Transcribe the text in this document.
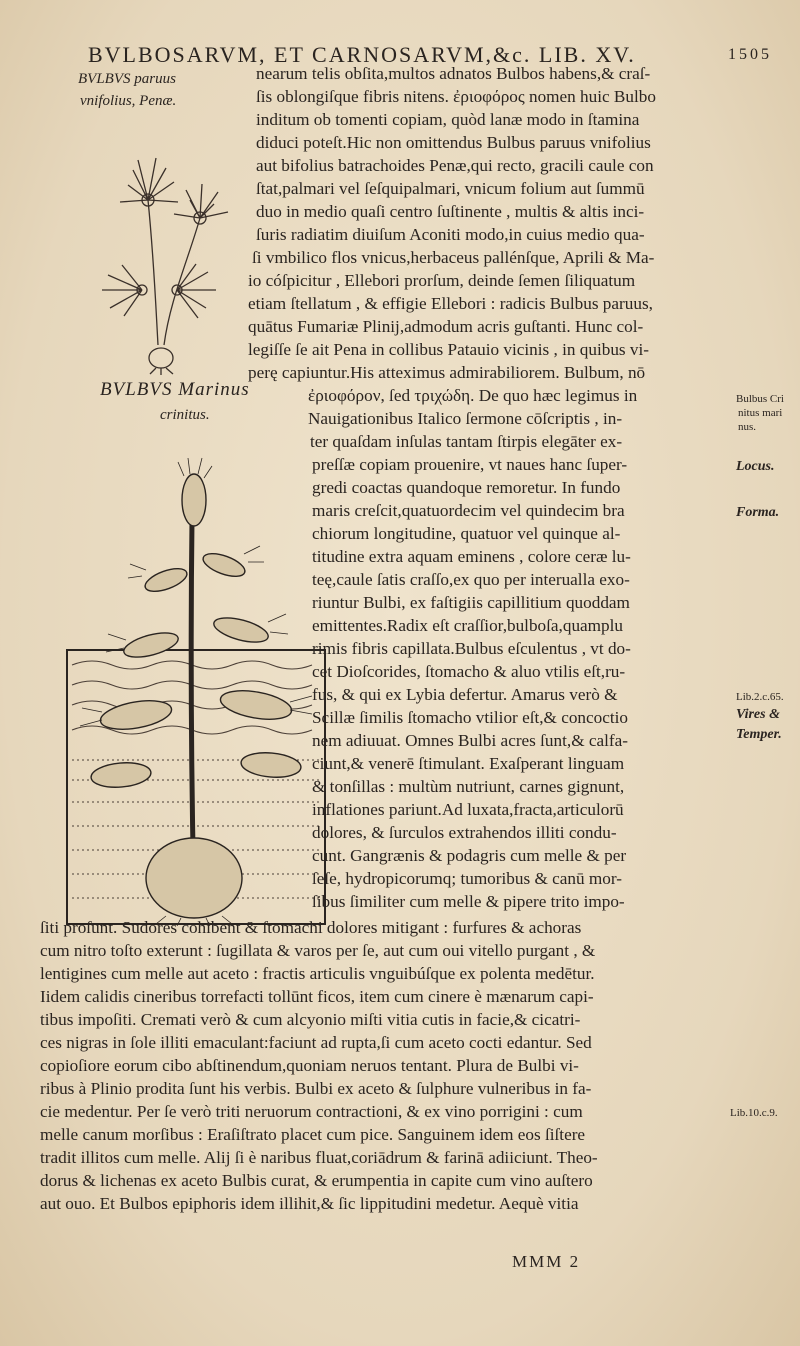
BVLBOSARVM, ET CARNOSARVM,&c. LIB. XV.	1505
BVLBVS paruus
vnifolius, Penæ.
BVLBVS Marinus
crinitus.
nearum telis obſita,multos adnatos Bulbos habens,& craſ-
ſis oblongiſque fibris nitens. ἐριοφόρος nomen huic Bulbo
inditum ob tomenti copiam, quòd lanæ modo in ſtamina
diduci poteſt.Hic non omittendus Bulbus paruus vnifolius
aut bifolius batrachoides Penæ,qui recto, gracili caule con
ſtat,palmari vel ſeſquipalmari, vnicum folium aut ſummū
duo in medio quaſi centro ſuſtinente , multis & altis inci-
ſuris radiatim diuiſum Aconiti modo,in cuius medio qua-
ſi vmbilico flos vnicus,herbaceus pallénſque, Aprili & Ma-
io cóſpicitur , Ellebori prorſum, deinde ſemen ſiliquatum
etiam ſtellatum , & effigie Ellebori : radicis Bulbus paruus,
quātus Fumariæ Plinij,admodum acris guſtanti. Hunc col-
legiſſe ſe ait Pena in collibus Patauio vicinis , in quibus vi-
perę capiuntur.His atteximus admirabiliorem. Bulbum, nō
ἐριοφόρον, ſed τριχώδη. De quo hæc legimus in
Nauigationibus Italico ſermone cōſcriptis , in-
ter quaſdam inſulas tantam ſtirpis elegāter ex-
preſſæ copiam prouenire, vt naues hanc ſuper-
gredi coactas quandoque remoretur. In fundo
maris creſcit,quatuordecim vel quindecim bra
chiorum longitudine, quatuor vel quinque al-
titudine extra aquam eminens , colore ceræ lu-
teę,caule ſatis craſſo,ex quo per interualla exo-
riuntur Bulbi, ex faſtigiis capillitium quoddam
emittentes.Radix eſt craſſior,bulboſa,quamplu
rimis fibris capillata.Bulbus eſculentus , vt do-
cet Dioſcorides, ſtomacho & aluo vtilis eſt,ru-
fus, & qui ex Lybia defertur. Amarus verò &
Scillæ ſimilis ſtomacho vtilior eſt,& concoctio
nem adiuuat. Omnes Bulbi acres ſunt,& calfa-
ciunt,& venerē ſtimulant. Exaſperant linguam
& tonſillas : multùm nutriunt, carnes gignunt,
inflationes pariunt.Ad luxata,fracta,articulorū
dolores, & ſurculos extrahendos illiti condu-
cunt. Gangrænis & podagris cum melle & per
ſeſe, hydropicorumq; tumoribus & canū mor-
ſibus ſimiliter cum melle & pipere trito impo-
ſiti proſunt. Sudores cohibent & ſtomachi dolores mitigant : furfures & achoras
cum nitro toſto exterunt : ſugillata & varos per ſe, aut cum oui vitello purgant , &
lentigines cum melle aut aceto : fractis articulis vnguibúſque ex polenta medētur.
Iidem calidis cineribus torrefacti tollūnt ficos, item cum cinere è mænarum capi-
tibus impoſiti. Cremati verò & cum alcyonio miſti vitia cutis in facie,& cicatri-
ces nigras in ſole illiti emaculant:faciunt ad rupta,ſi cum aceto cocti edantur. Sed
copioſiore eorum cibo abſtinendum,quoniam neruos tentant. Plura de Bulbi vi-
ribus à Plinio prodita ſunt his verbis. Bulbi ex aceto & ſulphure vulneribus in fa-
cie medentur. Per ſe verò triti neruorum contractioni, & ex vino porrigini : cum
melle canum morſibus : Eraſiſtrato placet cum pice. Sanguinem idem eos ſiſtere
tradit illitos cum melle. Alij ſi è naribus fluat,coriādrum & farinā adiiciunt. Theo-
dorus & lichenas ex aceto Bulbis curat, & erumpentia in capite cum vino auſtero
aut ouo. Et Bulbos epiphoris idem illihit,& ſic lippitudini medetur. Aequè vitia
Bulbus Cri
nitus mari
nus.
Locus.
Forma.
Lib.2.c.65.
Vires &
Temper.
Lib.10.c.9.
MMM 2
